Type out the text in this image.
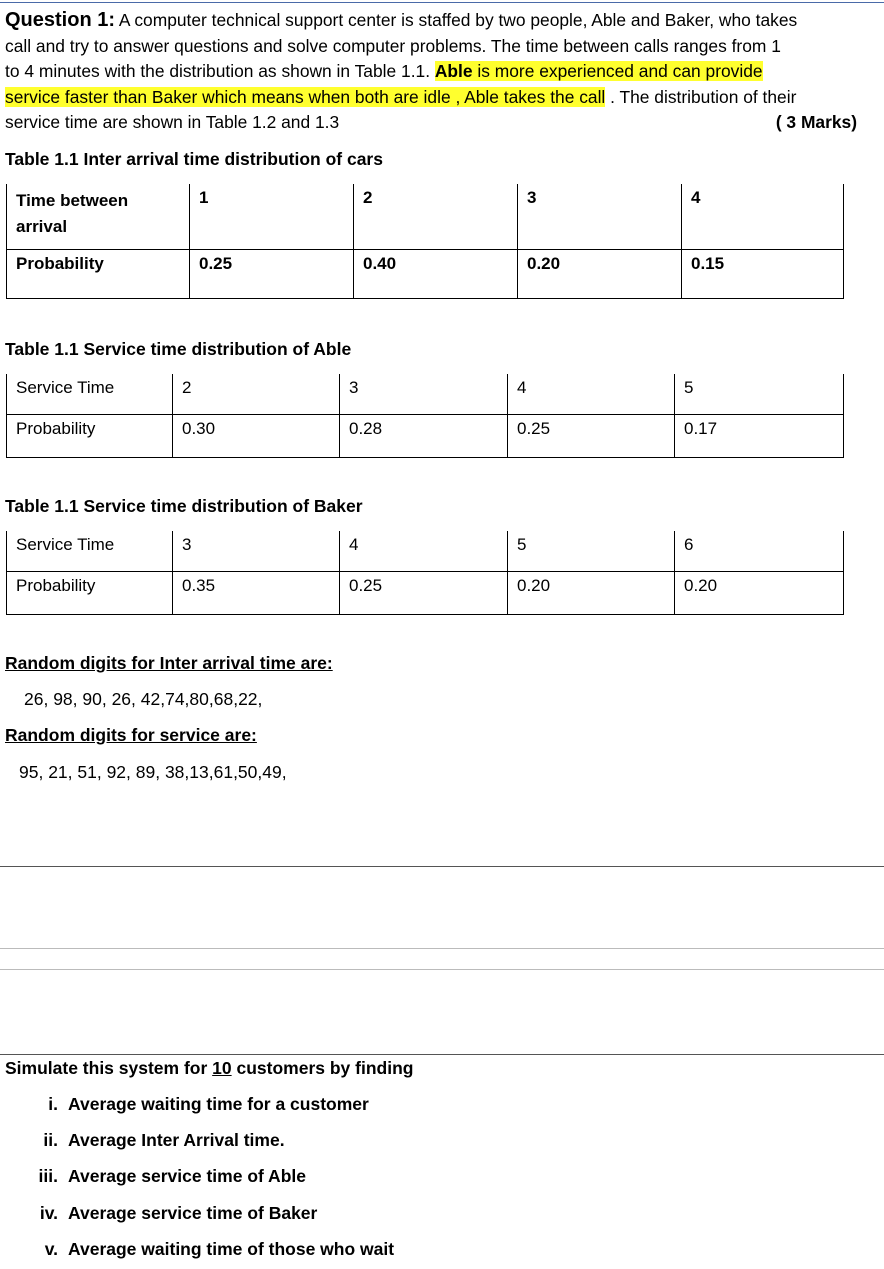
Question 1: A computer technical support center is staffed by two people, Able and Baker, who takes
call and try to answer questions and solve computer problems. The time between calls ranges from 1
to 4 minutes with the distribution as shown in Table 1.1. Able is more experienced and can provide
service faster than Baker which means when both are idle , Able takes the call . The distribution of their
service time are shown in Table 1.2 and 1.3	( 3 Marks)
Table 1.1 Inter arrival time distribution of cars
Time between arrival	1	2	3	4
Probability	0.25	0.40	0.20	0.15
Table 1.1 Service time distribution of Able
Service Time	2	3	4	5
Probability	0.30	0.28	0.25	0.17
Table 1.1 Service time distribution of Baker
Service Time	3	4	5	6
Probability	0.35	0.25	0.20	0.20
Random digits for Inter arrival time are:
26, 98, 90, 26, 42,74,80,68,22,
Random digits for service are:
95, 21, 51, 92, 89, 38,13,61,50,49,
Simulate this system for 10 customers by finding
i. Average waiting time for a customer
ii. Average Inter Arrival time.
iii. Average service time of Able
iv. Average service time of Baker
v. Average waiting time of those who wait
